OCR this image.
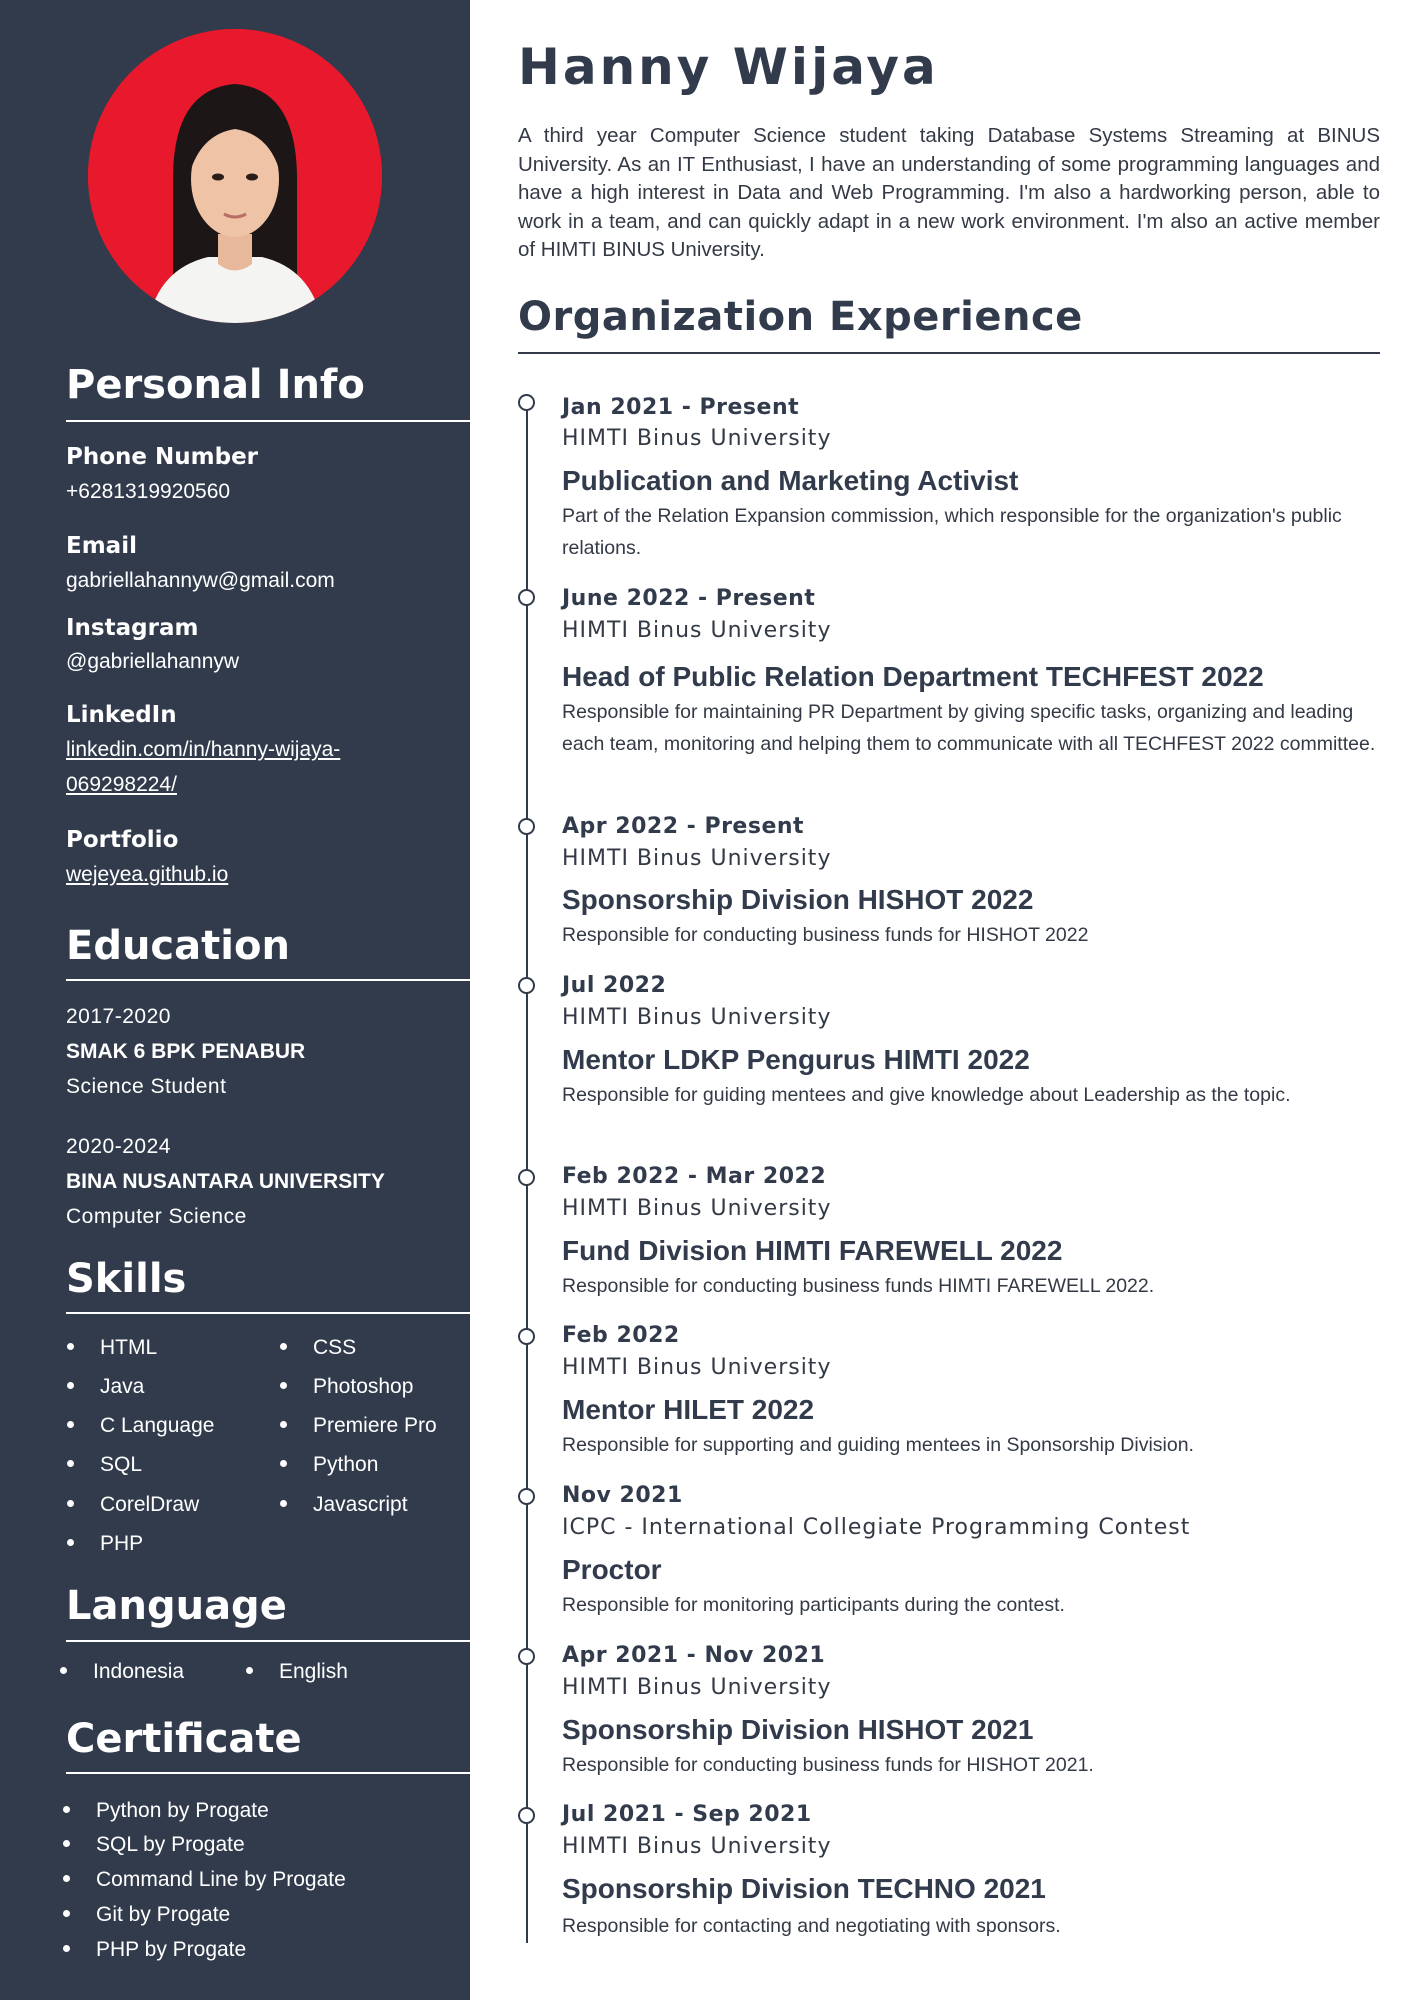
Personal Info
Phone Number
+6281319920560
Email
gabriellahannyw@gmail.com
Instagram
@gabriellahannyw
LinkedIn
linkedin.com/in/hanny-wijaya-069298224/
Portfolio
wejeyea.github.io
Education
2017-2020
SMAK 6 BPK PENABUR
Science Student
2020-2024
BINA NUSANTARA UNIVERSITY
Computer Science
Skills
HTML
Java
C Language
SQL
CorelDraw
PHP
CSS
Photoshop
Premiere Pro
Python
Javascript
Language
Indonesia	English
Certificate
Python by Progate
SQL by Progate
Command Line by Progate
Git by Progate
PHP by Progate
Hanny Wijaya

A third year Computer Science student taking Database Systems Streaming at BINUS University. As an IT Enthusiast, I have an understanding of some programming languages and have a high interest in Data and Web Programming. I'm also a hardworking person, able to work in a team, and can quickly adapt in a new work environment. I'm also an active member of HIMTI BINUS University.

Organization Experience
Jan 2021 - Present
HIMTI Binus University
Publication and Marketing Activist

Part of the Relation Expansion commission, which responsible for the organization's public relations.

June 2022 - Present
HIMTI Binus University
Head of Public Relation Department TECHFEST 2022

Responsible for maintaining PR Department by giving specific tasks, organizing and leading each team, monitoring and helping them to communicate with all TECHFEST 2022 committee.

Apr 2022 - Present
HIMTI Binus University
Sponsorship Division HISHOT 2022

Responsible for conducting business funds for HISHOT 2022

Jul 2022
HIMTI Binus University
Mentor LDKP Pengurus HIMTI 2022

Responsible for guiding mentees and give knowledge about Leadership as the topic.

Feb 2022 - Mar 2022
HIMTI Binus University
Fund Division HIMTI FAREWELL 2022

Responsible for conducting business funds HIMTI FAREWELL 2022.

Feb 2022
HIMTI Binus University
Mentor HILET 2022

Responsible for supporting and guiding mentees in Sponsorship Division.

Nov 2021
ICPC - International Collegiate Programming Contest
Proctor

Responsible for monitoring participants during the contest.

Apr 2021 - Nov 2021
HIMTI Binus University
Sponsorship Division HISHOT 2021

Responsible for conducting business funds for HISHOT 2021.

Jul 2021 - Sep 2021
HIMTI Binus University
Sponsorship Division TECHNO 2021

Responsible for contacting and negotiating with sponsors.
